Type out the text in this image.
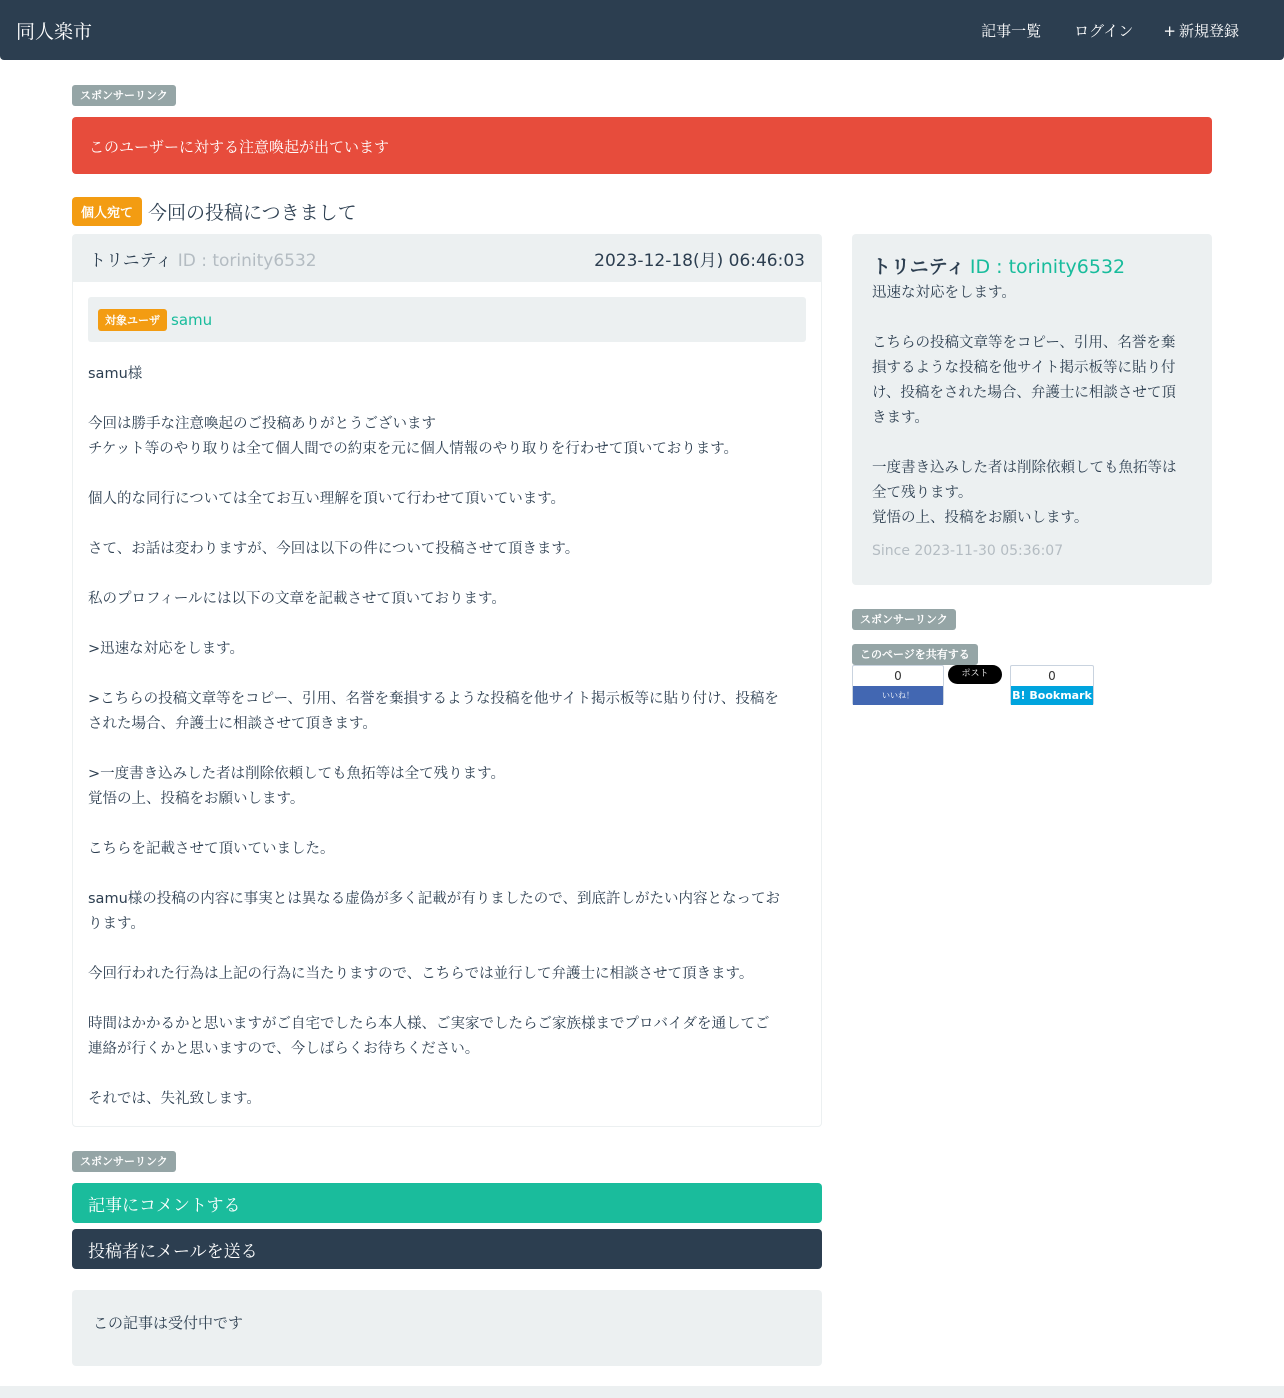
同人楽市	記事一覧 ログイン + 新規登録
スポンサーリンク
このユーザーに対する注意喚起が出ています
個人宛て 今回の投稿につきまして
トリニティ ID : torinity6532	2023-12-18(月) 06:46:03
対象ユーザ samu
samu様

今回は勝手な注意喚起のご投稿ありがとうございます
チケット等のやり取りは全て個人間での約束を元に個人情報のやり取りを行わせて頂いております。

個人的な同行については全てお互い理解を頂いて行わせて頂いています。

さて、お話は変わりますが、今回は以下の件について投稿させて頂きます。

私のプロフィールには以下の文章を記載させて頂いております。

>迅速な対応をします。

>こちらの投稿文章等をコピー、引用、名誉を棄損するような投稿を他サイト掲示板等に貼り付け、投稿を
された場合、弁護士に相談させて頂きます。

>一度書き込みした者は削除依頼しても魚拓等は全て残ります。
覚悟の上、投稿をお願いします。

こちらを記載させて頂いていました。

samu様の投稿の内容に事実とは異なる虚偽が多く記載が有りましたので、到底許しがたい内容となってお
ります。

今回行われた行為は上記の行為に当たりますので、こちらでは並行して弁護士に相談させて頂きます。

時間はかかるかと思いますがご自宅でしたら本人様、ご実家でしたらご家族様までプロバイダを通してご
連絡が行くかと思いますので、今しばらくお待ちください。

それでは、失礼致します。
トリニティ ID : torinity6532
迅速な対応をします。

こちらの投稿文章等をコピー、引用、名誉を棄
損するような投稿を他サイト掲示板等に貼り付
け、投稿をされた場合、弁護士に相談させて頂
きます。

一度書き込みした者は削除依頼しても魚拓等は
全て残ります。
覚悟の上、投稿をお願いします。
Since 2023-11-30 05:36:07
スポンサーリンク
このページを共有する
0
いいね！
ポスト	0
B! Bookmark
スポンサーリンク
記事にコメントする
投稿者にメールを送る
この記事は受付中です
